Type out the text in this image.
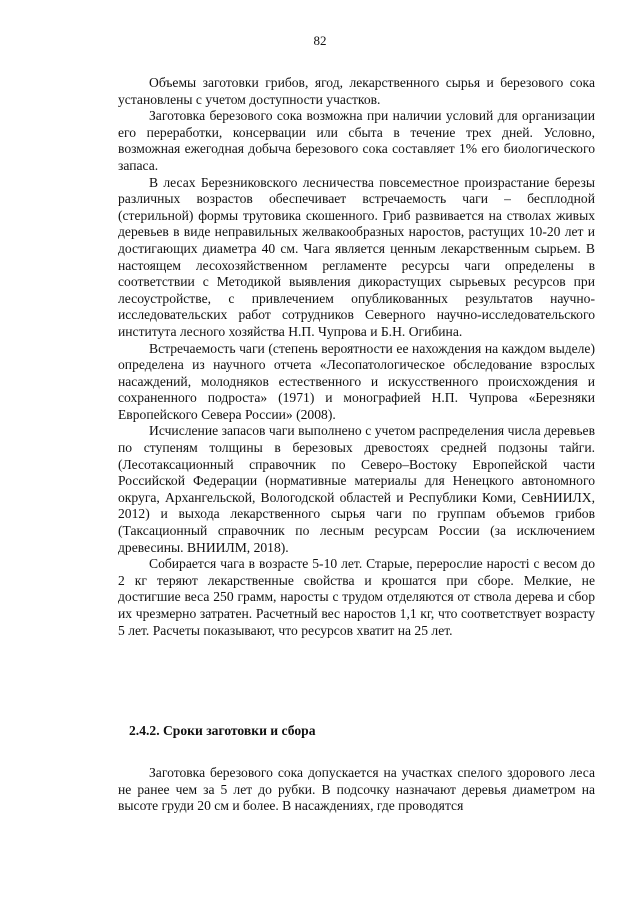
82

Объемы заготовки грибов, ягод, лекарственного сырья и березового сока установлены с учетом доступности участков.

Заготовка березового сока возможна при наличии условий для организации его переработки, консервации или сбыта в течение трех дней. Условно, возможная ежегодная добыча березового сока составляет 1% его биологического запаса.

В лесах Березниковского лесничества повсеместное произрастание березы различных возрастов обеспечивает встречаемость чаги – бесплодной (стерильной) формы трутовика скошенного. Гриб развивается на стволах живых деревьев в виде неправильных желвакообразных наростов, растущих 10-20 лет и достигающих диаметра 40 см. Чага является ценным лекарственным сырьем. В настоящем лесохозяйственном регламенте ресурсы чаги определены в соответствии с Методикой выявления дикорастущих сырьевых ресурсов при лесоустройстве, с привлечением опубликованных результатов научно-исследовательских работ сотрудников Северного научно-исследовательского института лесного хозяйства Н.П. Чупрова и Б.Н. Огибина.

Встречаемость чаги (степень вероятности ее нахождения на каждом выделе) определена из научного отчета «Лесопатологическое обследование взрослых насаждений, молодняков естественного и искусственного происхождения и сохраненного подроста» (1971) и монографией Н.П. Чупрова «Березняки Европейского Севера России» (2008).

Исчисление запасов чаги выполнено с учетом распределения числа деревьев по ступеням толщины в березовых древостоях средней подзоны тайги. (Лесотаксационный справочник по Северо–Востоку Европейской части Российской Федерации (нормативные материалы для Ненецкого автономного округа, Архангельской, Вологодской областей и Республики Коми, СевНИИЛХ, 2012) и выхода лекарственного сырья чаги по группам объемов грибов (Таксационный справочник по лесным ресурсам России (за исключением древесины. ВНИИЛМ, 2018).

Собирается чага в возрасте 5-10 лет. Старые, перерослие нарості с весом до 2 кг теряют лекарственные свойства и крошатся при сборе. Мелкие, не достигшие веса 250 грамм, наросты с трудом отделяются от ствола дерева и сбор их чрезмерно затратен. Расчетный вес наростов 1,1 кг, что соответствует возрасту 5 лет. Расчеты показывают, что ресурсов хватит на 25 лет.

2.4.2. Сроки заготовки и сбора

Заготовка березового сока допускается на участках спелого здорового леса не ранее чем за 5 лет до рубки. В подсочку назначают деревья диаметром на высоте груди 20 см и более. В насаждениях, где проводятся
